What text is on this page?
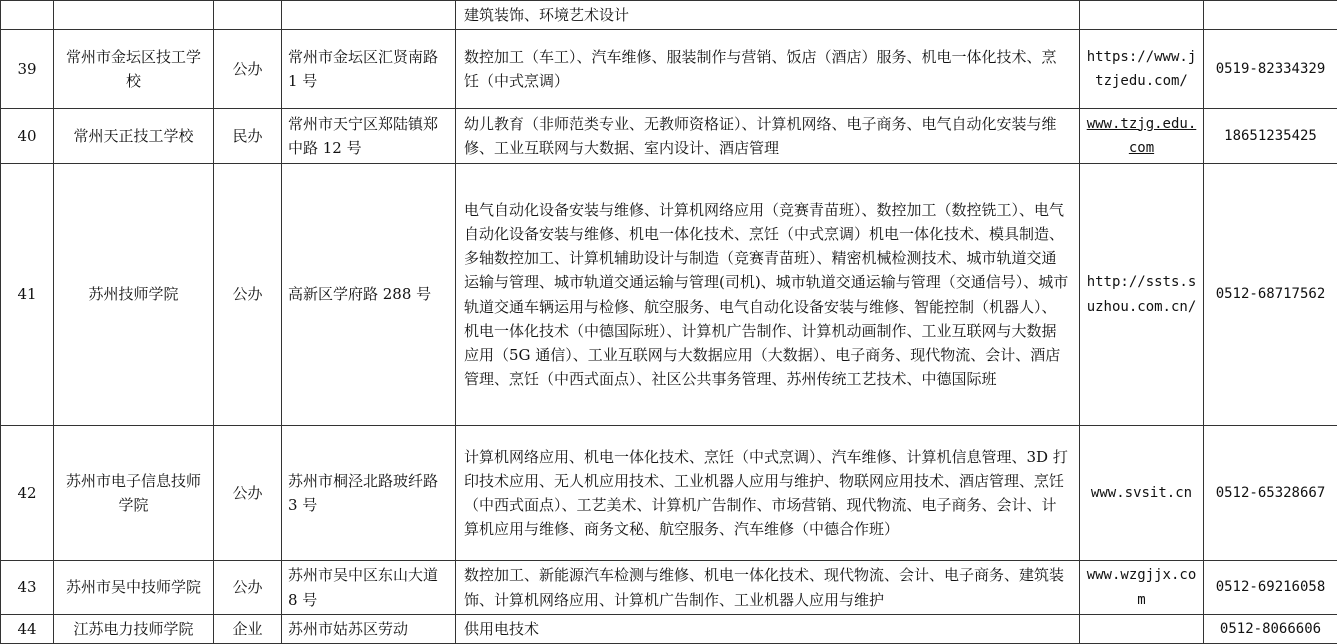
				建筑装饰、环境艺术设计		
39	常州市金坛区技工学校	公办	常州市金坛区汇贤南路 1 号	数控加工（车工）、汽车维修、服装制作与营销、饭店（酒店）服务、机电一体化技术、烹饪（中式烹调）	https://www.jtzjedu.com/	0519-82334329
40	常州天正技工学校	民办	常州市天宁区郑陆镇郑中路 12 号	幼儿教育（非师范类专业、无教师资格证）、计算机网络、电子商务、电气自动化安装与维修、工业互联网与大数据、室内设计、酒店管理	www.tzjg.edu.com	18651235425
41	苏州技师学院	公办	高新区学府路 288 号	电气自动化设备安装与维修、计算机网络应用（竞赛青苗班）、数控加工（数控铣工）、电气自动化设备安装与维修、机电一体化技术、烹饪（中式烹调）机电一体化技术、模具制造、多轴数控加工、计算机辅助设计与制造（竞赛青苗班）、精密机械检测技术、城市轨道交通运输与管理、城市轨道交通运输与管理(司机)、城市轨道交通运输与管理（交通信号）、城市轨道交通车辆运用与检修、航空服务、电气自动化设备安装与维修、智能控制（机器人）、机电一体化技术（中德国际班）、计算机广告制作、计算机动画制作、工业互联网与大数据应用（5G 通信）、工业互联网与大数据应用（大数据）、电子商务、现代物流、会计、酒店管理、烹饪（中西式面点）、社区公共事务管理、苏州传统工艺技术、中德国际班	http://ssts.suzhou.com.cn/	0512-68717562
42	苏州市电子信息技师学院	公办	苏州市桐泾北路玻纤路 3 号	计算机网络应用、机电一体化技术、烹饪（中式烹调）、汽车维修、计算机信息管理、3D 打印技术应用、无人机应用技术、工业机器人应用与维护、物联网应用技术、酒店管理、烹饪（中西式面点）、工艺美术、计算机广告制作、市场营销、现代物流、电子商务、会计、计算机应用与维修、商务文秘、航空服务、汽车维修（中德合作班）	www.svsit.cn	0512-65328667
43	苏州市吴中技师学院	公办	苏州市吴中区东山大道 8 号	数控加工、新能源汽车检测与维修、机电一体化技术、现代物流、会计、电子商务、建筑装饰、计算机网络应用、计算机广告制作、工业机器人应用与维护	www.wzgjjx.com	0512-69216058
44	江苏电力技师学院	企业	苏州市姑苏区劳动	供用电技术		0512-8066606
